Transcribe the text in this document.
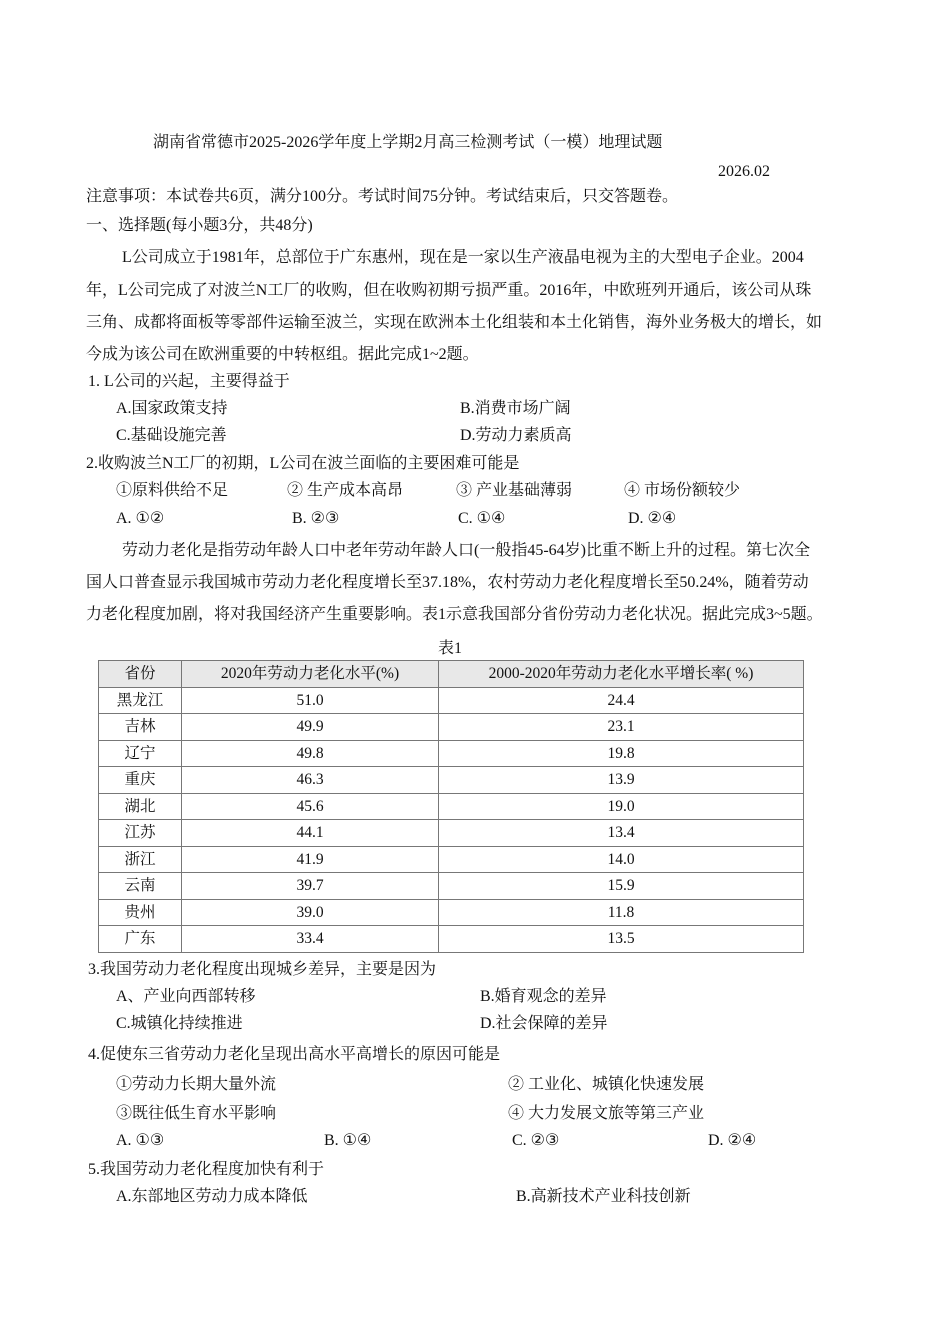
湖南省常德市2025-2026学年度上学期2月高三检测考试（一模）地理试题
2026.02
注意事项：本试卷共6页，满分100分。考试时间75分钟。考试结束后，只交答题卷。
一、选择题(每小题3分，共48分)
L公司成立于1981年，总部位于广东惠州，现在是一家以生产液晶电视为主的大型电子企业。2004
年，L公司完成了对波兰N工厂的收购，但在收购初期亏损严重。2016年，中欧班列开通后，该公司从珠
三角、成都将面板等零部件运输至波兰，实现在欧洲本土化组装和本土化销售，海外业务极大的增长，如
今成为该公司在欧洲重要的中转枢组。据此完成1~2题。
1. L公司的兴起，主要得益于
A.国家政策支持	B.消费市场广阔
C.基础设施完善	D.劳动力素质高
2.收购波兰N工厂的初期，L公司在波兰面临的主要困难可能是
①原料供给不足	② 生产成本高昂	③ 产业基础薄弱	④ 市场份额较少
A. ①②	B. ②③	C. ①④	D. ②④
劳动力老化是指劳动年龄人口中老年劳动年龄人口(一般指45-64岁)比重不断上升的过程。第七次全
国人口普查显示我国城市劳动力老化程度增长至37.18%，农村劳动力老化程度增长至50.24%，随着劳动
力老化程度加剧，将对我国经济产生重要影响。表1示意我国部分省份劳动力老化状况。据此完成3~5题。
表1
省份	2020年劳动力老化水平(%)	2000-2020年劳动力老化水平增长率( %)
黑龙江	51.0	24.4
吉林	49.9	23.1
辽宁	49.8	19.8
重庆	46.3	13.9
湖北	45.6	19.0
江苏	44.1	13.4
浙江	41.9	14.0
云南	39.7	15.9
贵州	39.0	11.8
广东	33.4	13.5
3.我国劳动力老化程度出现城乡差异，主要是因为
A、产业向西部转移	B.婚育观念的差异
C.城镇化持续推进	D.社会保障的差异
4.促使东三省劳动力老化呈现出高水平高增长的原因可能是
①劳动力长期大量外流	② 工业化、城镇化快速发展
③既往低生育水平影响	④ 大力发展文旅等第三产业
A. ①③	B. ①④	C. ②③	D. ②④
5.我国劳动力老化程度加快有利于
A.东部地区劳动力成本降低	B.高新技术产业科技创新
